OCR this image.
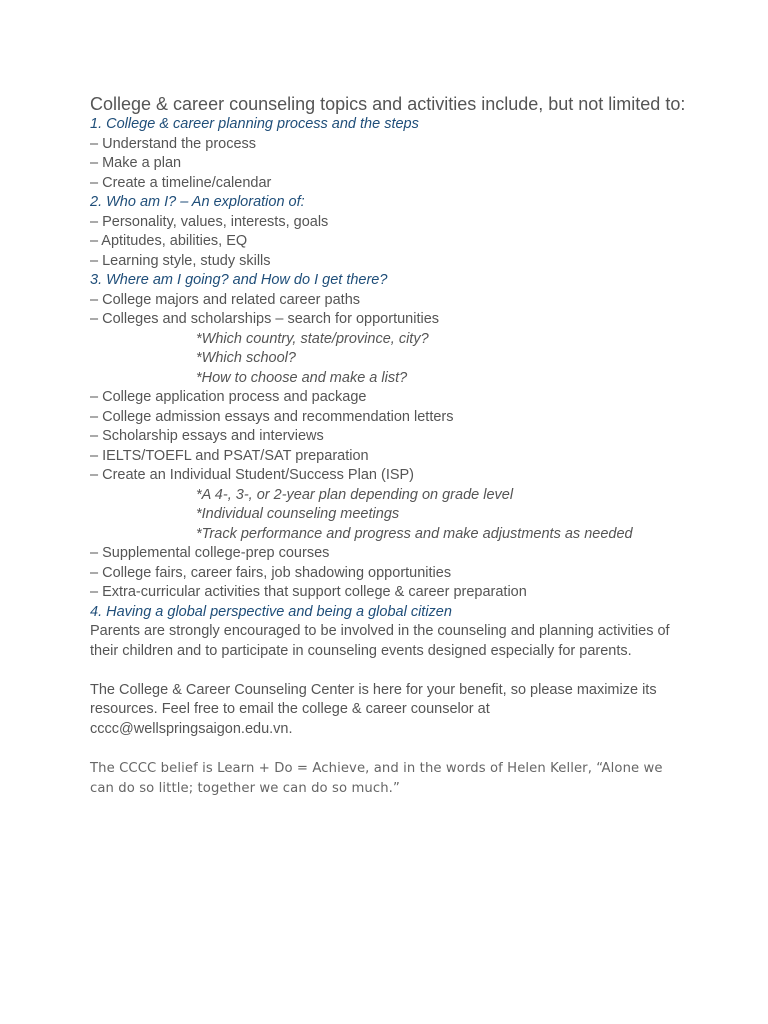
College & career counseling topics and activities include, but not limited to:

1. College & career planning process and the steps

– Understand the process

– Make a plan

– Create a timeline/calendar

2. Who am I? – An exploration of:

– Personality, values, interests, goals

– Aptitudes, abilities, EQ

– Learning style, study skills

3. Where am I going? and How do I get there?

– College majors and related career paths

– Colleges and scholarships – search for opportunities

*Which country, state/province, city?

*Which school?

*How to choose and make a list?

– College application process and package

– College admission essays and recommendation letters

– Scholarship essays and interviews

– IELTS/TOEFL and PSAT/SAT preparation

– Create an Individual Student/Success Plan (ISP)

*A 4-, 3-, or 2-year plan depending on grade level

*Individual counseling meetings

*Track performance and progress and make adjustments as needed

– Supplemental college-prep courses

– College fairs, career fairs, job shadowing opportunities

– Extra-curricular activities that support college & career preparation

4. Having a global perspective and being a global citizen

Parents are strongly encouraged to be involved in the counseling and planning activities of their children and to participate in counseling events designed especially for parents.

The College & Career Counseling Center is here for your benefit, so please maximize its resources. Feel free to email the college & career counselor at cccc@wellspringsaigon.edu.vn.

The CCCC belief is Learn + Do = Achieve, and in the words of Helen Keller, “Alone we can do so little; together we can do so much.”
